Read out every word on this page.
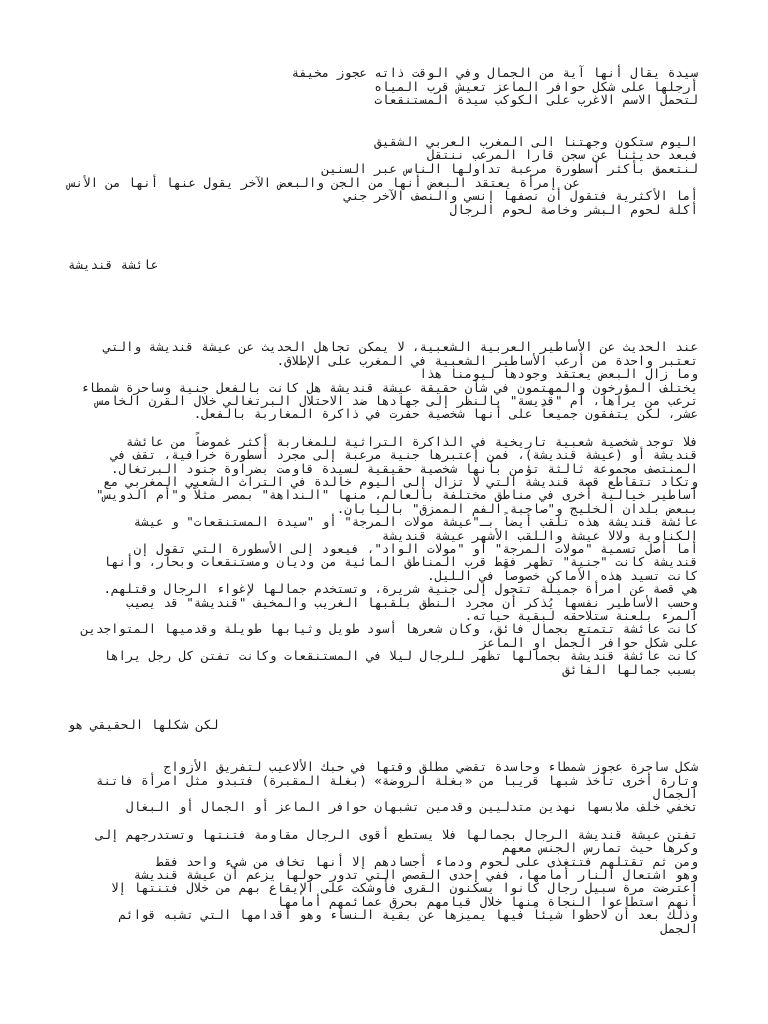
سيدة يقال أنها آية من الجمال وفي الوقت ذاته عجوز مخيفة
أرجلها على شكل حوافر الماعز تعيش قرب المياه
لتحمل الاسم الاغرب على الكوكب سيدة المستنقعات
اليوم ستكون وجهتنا الى المغرب العربي الشقيق
فبعد حديثنا عن سجن قارا المرعب ننتقل
لنتعمق بأكثر أسطورة مرعبة تداولها الناس عبر السنين
عن إمرأة يعتقد البعض أنها من الجن والبعض الآخر يقول عنها أنها من الأنس
أما الأكثرية فتقول أن نصفها إنسي والنصف الآخر جني
أكلة لحوم البشر وخاصة لحوم الرجال
عائشة قنديشة
عند الحديث عن الأساطير العربية الشعبية، لا يمكن تجاهل الحديث عن عيشة قنديشة والتي
تعتبر واحدة من أرعب الأساطير الشعبية في المغرب على الإطلاق.
وما زال البعض يعتقد وجودها ليومنا هذا
يختلف المؤرخون والمهتمون في شأن حقيقة عيشة قنديشة هل كانت بالفعل جنية وساحرة شمطاء
ترعب من يراها، أم "قديسة" بالنظر إلى جهادها ضد الاحتلال البرتغالي خلال القرن الخامس
عشر، لكن يتفقون جميعاً على أنها شخصية حفرت في ذاكرة المغاربة بالفعل.
فلا توجد شخصية شعبية تاريخية في الذاكرة التراثية للمغاربة أكثر غموضاً من عائشة
قنديشة أو (عيشة قنديشة)، فمن إعتبرها جنية مرعبة إلى مجرد أسطورة خرافية، تقف في
المنتصف مجموعة ثالثة تؤمن بأنها شخصية حقيقية لسيدة قاومت بضراوة جنود البرتغال.
وتكاد تتقاطع قصة قنديشة التي لا تزال إلى اليوم خالدة في التراث الشعبي المغربي مع
أساطير خيالية أخرى في مناطق مختلفة بالعالم، منها "النداهة" بمصر مثلاً و"أم الدويس"
ببعض بلدان الخليج و"صاحبة الفم الممزق" باليابان.
عائشة قنديشة هذه تلقب أيضاً بـ"عيشة مولات المرجة" أو "سيدة المستنقعات" و عيشة
الكناوية ولالا عيشة واللقب الأشهر عيشة قنديشة
أما أصل تسمية "مولات المرجة" أو "مولات الواد"، فيعود إلى الأسطورة التي تقول إن
قنديشة كانت "جنية" تظهر فقط قرب المناطق المائية من وديان ومستنقعات وبحار، وأنها
كانت تسيد هذه الأماكن خصوصاً في الليل.
هي قصة عن امرأة جميلة تتحول إلى جنية شريرة، وتستخدم جمالها لإغواء الرجال وقتلهم.
وحسب الأساطير نفسها يُذكر أن مجرد النطق بلقبها الغريب والمخيف "قنديشة" قد يصيب
المرء بلعنة ستلاحقه لبقية حياته.
كانت عائشة تتمتع بجمال فائق، وكان شعرها أسود طويل وثيابها طويلة وقدميها المتواجدين
على شكل حوافر الجمل او الماعز
كانت عائشة قنديشة بجمالها تظهر للرجال ليلا في المستنقعات وكانت تفتن كل رجل يراها
بسبب جمالها الفائق
لكن شكلها الحقيقي هو
شكل ساحرة عجوز شمطاء وحاسدة تقضي مطلق وقتها في حبك الألاعيب لتفريق الأزواج
وتارة أخرى تأخذ شبها قريبا من «بغلة الروضة» (بغلة المقبرة) فتبدو مثل امرأة فاتنة
الجمال
تخفي خلف ملابسها نهدين متدليين وقدمين تشبهان حوافر الماعز أو الجمال أو البغال
تفتن عيشة قنديشة الرجال بجمالها فلا يستطع أقوى الرجال مقاومة فتنتها وتستدرجهم إلى
وكرها حيث تمارس الجنس معهم
ومن ثم تقتلهم فتتغذى على لحوم ودماء أجسادهم إلا أنها تخاف من شيء واحد فقط
وهو اشتعال النار أمامها، ففي إحدى القصص التي تدور حولها يزعم أن عيشة قنديشة
اعترضت مرة سبيل رجال كانوا يسكنون القرى فأوشكت على الإيقاع بهم من خلال فتنتها إلا
أنهم استطاعوا النجاة منها خلال قيامهم بحرق عمائمهم أمامها
وذلك بعد أن لاحظوا شيئاً فيها يميزها عن بقية النساء وهو أقدامها التي تشبه قوائم
الجمل
